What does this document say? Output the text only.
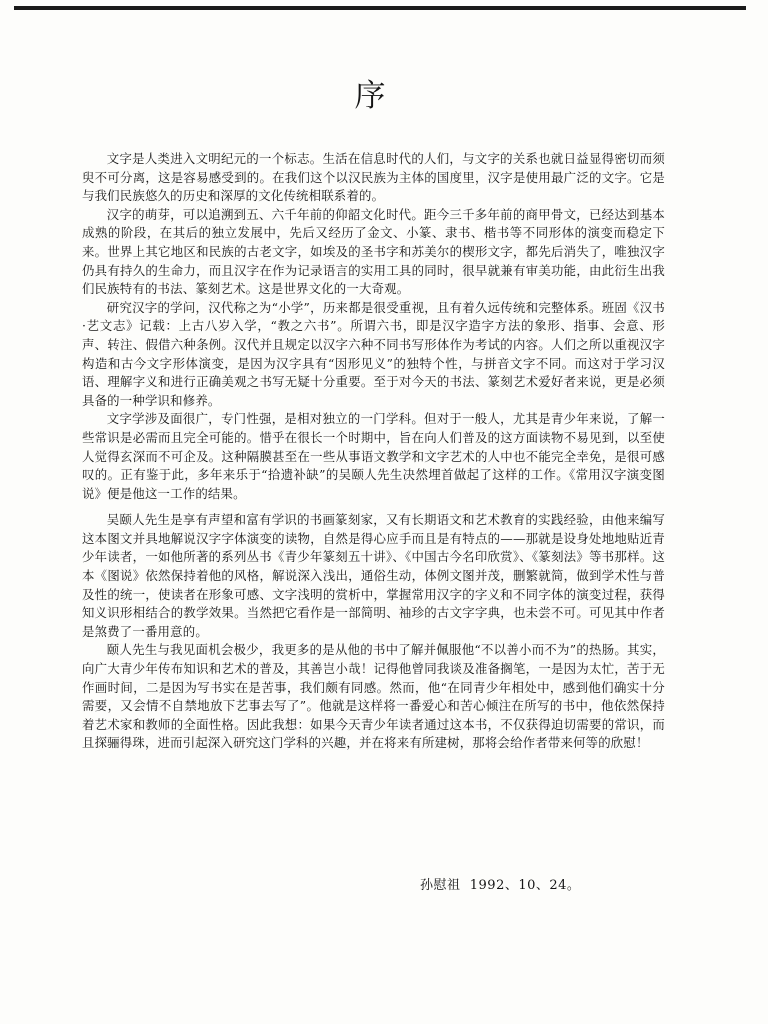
序

文字是人类进入文明纪元的一个标志。生活在信息时代的人们，与文字的关系也就日益显得密切而须臾不可分离，这是容易感受到的。在我们这个以汉民族为主体的国度里，汉字是使用最广泛的文字。它是与我们民族悠久的历史和深厚的文化传统相联系着的。

汉字的萌芽，可以追溯到五、六千年前的仰韶文化时代。距今三千多年前的商甲骨文，已经达到基本成熟的阶段，在其后的独立发展中，先后又经历了金文、小篆、隶书、楷书等不同形体的演变而稳定下来。世界上其它地区和民族的古老文字，如埃及的圣书字和苏美尔的楔形文字，都先后消失了，唯独汉字仍具有持久的生命力，而且汉字在作为记录语言的实用工具的同时，很早就兼有审美功能，由此衍生出我们民族特有的书法、篆刻艺术。这是世界文化的一大奇观。

研究汉字的学问，汉代称之为“小学”，历来都是很受重视，且有着久远传统和完整体系。班固《汉书·艺文志》记载：上古八岁入学，“教之六书”。所谓六书，即是汉字造字方法的象形、指事、会意、形声、转注、假借六种条例。汉代并且规定以汉字六种不同书写形体作为考试的内容。人们之所以重视汉字构造和古今文字形体演变，是因为汉字具有“因形见义”的独特个性，与拼音文字不同。而这对于学习汉语、理解字义和进行正确美观之书写无疑十分重要。至于对今天的书法、篆刻艺术爱好者来说，更是必须具备的一种学识和修养。

文字学涉及面很广，专门性强，是相对独立的一门学科。但对于一般人，尤其是青少年来说，了解一些常识是必需而且完全可能的。惜乎在很长一个时期中，旨在向人们普及的这方面读物不易见到，以至使人觉得玄深而不可企及。这种隔膜甚至在一些从事语文教学和文字艺术的人中也不能完全幸免，是很可感叹的。正有鉴于此，多年来乐于“拾遗补缺”的吴颐人先生决然埋首做起了这样的工作。《常用汉字演变图说》便是他这一工作的结果。

吴颐人先生是享有声望和富有学识的书画篆刻家，又有长期语文和艺术教育的实践经验，由他来编写这本图文并具地解说汉字字体演变的读物，自然是得心应手而且是有特点的——那就是设身处地地贴近青少年读者，一如他所著的系列丛书《青少年篆刻五十讲》、《中国古今名印欣赏》、《篆刻法》等书那样。这本《图说》依然保持着他的风格，解说深入浅出，通俗生动，体例文图并茂，删繁就简，做到学术性与普及性的统一，使读者在形象可感、文字浅明的赏析中，掌握常用汉字的字义和不同字体的演变过程，获得知义识形相结合的教学效果。当然把它看作是一部简明、袖珍的古文字字典，也未尝不可。可见其中作者是煞费了一番用意的。

颐人先生与我见面机会极少，我更多的是从他的书中了解并佩服他“不以善小而不为”的热肠。其实，向广大青少年传布知识和艺术的普及，其善岂小哉！记得他曾同我谈及准备搁笔，一是因为太忙，苦于无作画时间，二是因为写书实在是苦事，我们颇有同感。然而，他“在同青少年相处中，感到他们确实十分需要，又会情不自禁地放下艺事去写了”。他就是这样将一番爱心和苦心倾注在所写的书中，他依然保持着艺术家和教师的全面性格。因此我想：如果今天青少年读者通过这本书，不仅获得迫切需要的常识，而且探骊得珠，进而引起深入研究这门学科的兴趣，并在将来有所建树，那将会给作者带来何等的欣慰！

孙慰祖  1992、10、24。
